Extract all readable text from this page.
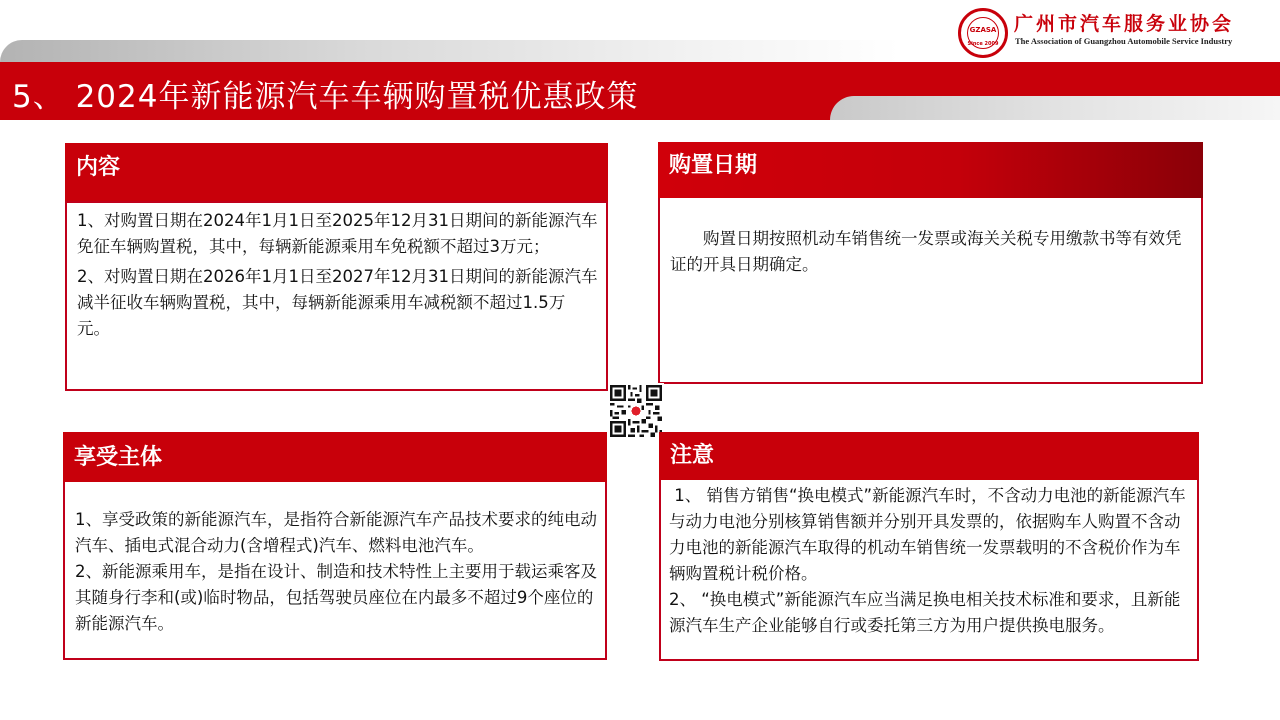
GZASA
Since 2009
广州市汽车服务业协会
The Association of Guangzhou Automobile Service Industry
5、 2024年新能源汽车车辆购置税优惠政策
内容

1、对购置日期在2024年1月1日至2025年12月31日期间的新能源汽车免征车辆购置税，其中，每辆新能源乘用车免税额不超过3万元；

2、对购置日期在2026年1月1日至2027年12月31日期间的新能源汽车减半征收车辆购置税，其中，每辆新能源乘用车减税额不超过1.5万元。

购置日期

购置日期按照机动车销售统一发票或海关关税专用缴款书等有效凭证的开具日期确定。

享受主体

1、享受政策的新能源汽车，是指符合新能源汽车产品技术要求的纯电动汽车、插电式混合动力(含增程式)汽车、燃料电池汽车。

2、新能源乘用车，是指在设计、制造和技术特性上主要用于载运乘客及其随身行李和(或)临时物品，包括驾驶员座位在内最多不超过9个座位的新能源汽车。

注意

1、 销售方销售“换电模式”新能源汽车时，不含动力电池的新能源汽车与动力电池分别核算销售额并分别开具发票的，依据购车人购置不含动力电池的新能源汽车取得的机动车销售统一发票载明的不含税价作为车辆购置税计税价格。

2、 “换电模式”新能源汽车应当满足换电相关技术标准和要求，且新能源汽车生产企业能够自行或委托第三方为用户提供换电服务。
